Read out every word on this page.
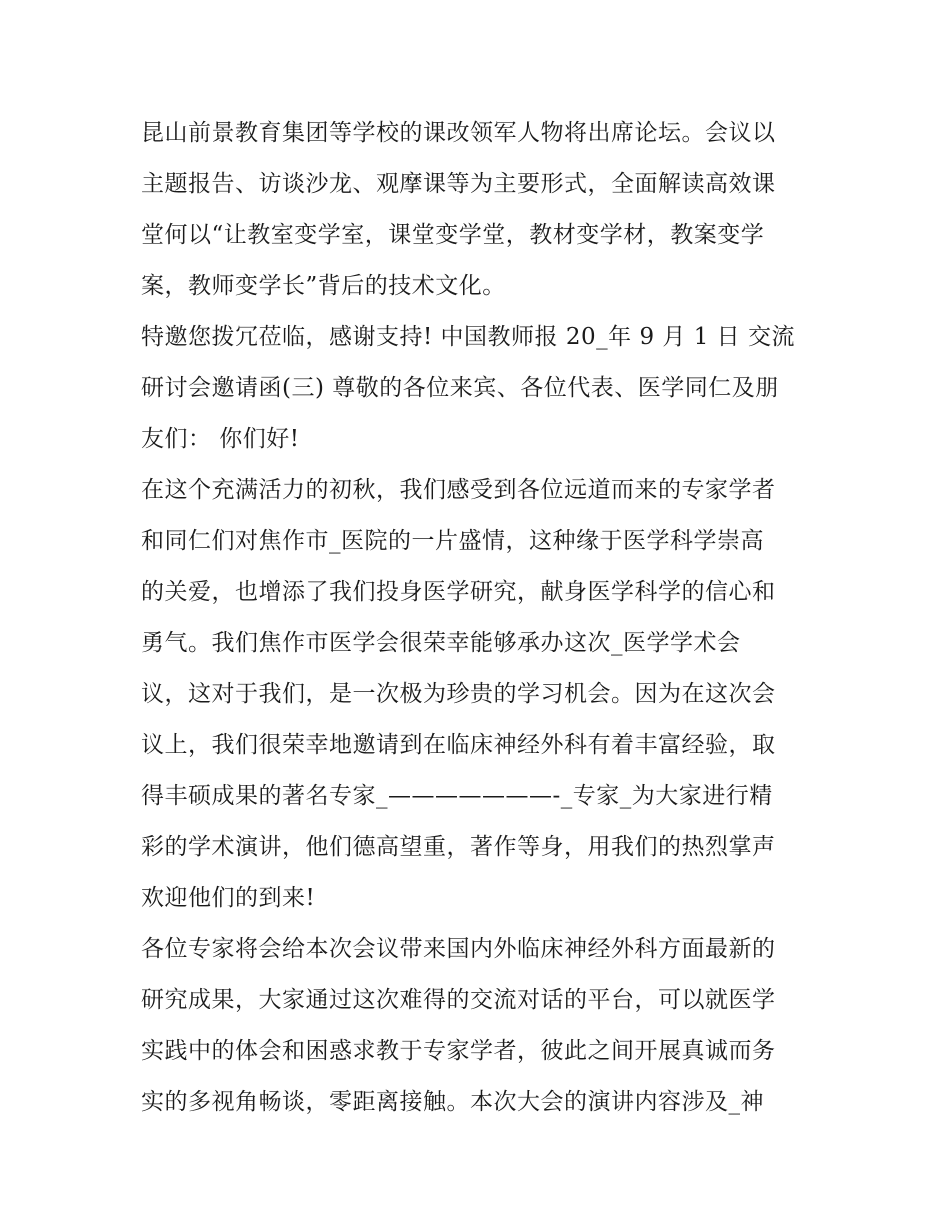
昆山前景教育集团等学校的课改领军人物将出席论坛。会议以
主题报告、访谈沙龙、观摩课等为主要形式，全面解读高效课
堂何以“让教室变学室，课堂变学堂，教材变学材，教案变学
案，教师变学长”背后的技术文化。
特邀您拨冗莅临，感谢支持! 中国教师报 20_年 9 月 1 日 交流
研讨会邀请函(三) 尊敬的各位来宾、各位代表、医学同仁及朋
友们： 你们好!
在这个充满活力的初秋，我们感受到各位远道而来的专家学者
和同仁们对焦作市_医院的一片盛情，这种缘于医学科学崇高
的关爱，也增添了我们投身医学研究，献身医学科学的信心和
勇气。我们焦作市医学会很荣幸能够承办这次_医学学术会
议，这对于我们，是一次极为珍贵的学习机会。因为在这次会
议上，我们很荣幸地邀请到在临床神经外科有着丰富经验，取
得丰硕成果的著名专家_———————-_专家_为大家进行精
彩的学术演讲，他们德高望重，著作等身，用我们的热烈掌声
欢迎他们的到来!
各位专家将会给本次会议带来国内外临床神经外科方面最新的
研究成果，大家通过这次难得的交流对话的平台，可以就医学
实践中的体会和困惑求教于专家学者，彼此之间开展真诚而务
实的多视角畅谈，零距离接触。本次大会的演讲内容涉及_神
